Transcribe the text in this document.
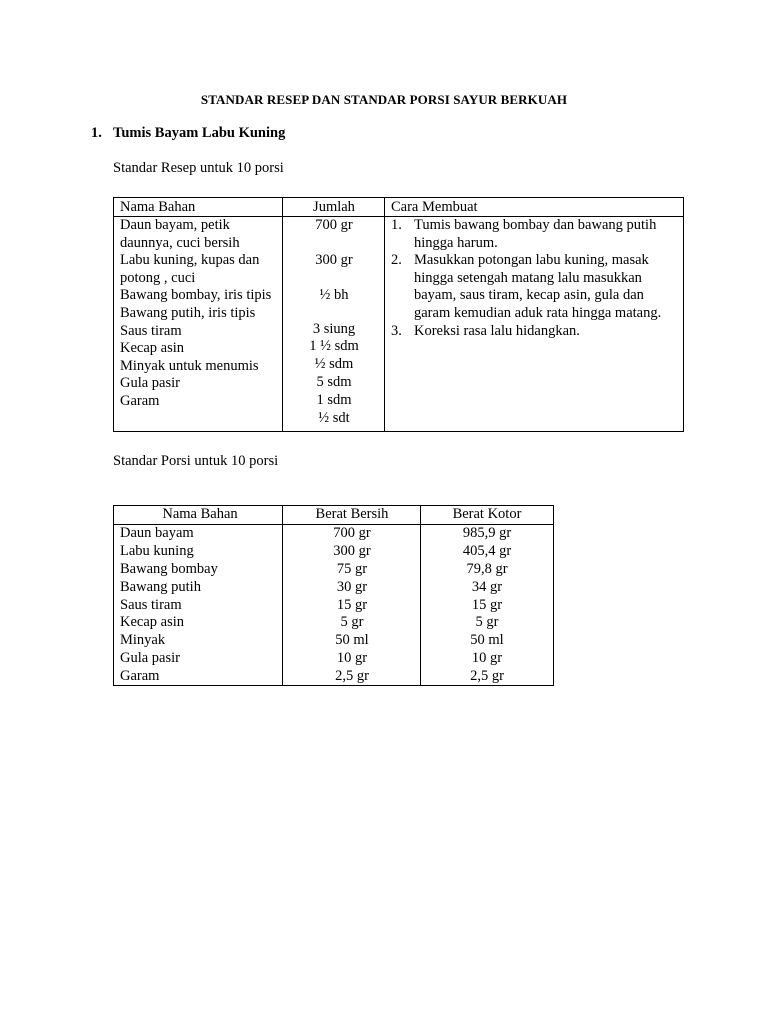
STANDAR RESEP DAN STANDAR PORSI SAYUR BERKUAH
1. Tumis Bayam Labu Kuning
Standar Resep untuk 10 porsi
Nama Bahan	Jumlah	Cara Membuat
Daun bayam, petik daunnya, cuci bersih
Labu kuning, kupas dan potong , cuci
Bawang bombay, iris tipis
Bawang putih, iris tipis
Saus tiram
Kecap asin
Minyak untuk menumis
Gula pasir
Garam
700 gr
300 gr
½ bh
3 siung
1 ½ sdm
½ sdm
5 sdm
1 sdm
½ sdt
1. Tumis bawang bombay dan bawang putih hingga harum.
2. Masukkan potongan labu kuning, masak hingga setengah matang lalu masukkan bayam, saus tiram, kecap asin, gula dan garam kemudian aduk rata hingga matang.
3. Koreksi rasa lalu hidangkan.
Standar Porsi untuk 10 porsi
Nama Bahan
Daun bayam
Labu kuning
Bawang bombay
Bawang putih
Saus tiram
Kecap asin
Minyak
Gula pasir
Garam
Berat Bersih
700 gr
300 gr
75 gr
30 gr
15 gr
5 gr
50 ml
10 gr
2,5 gr
Berat Kotor
985,9 gr
405,4 gr
79,8 gr
34 gr
15 gr
5 gr
50 ml
10 gr
2,5 gr
